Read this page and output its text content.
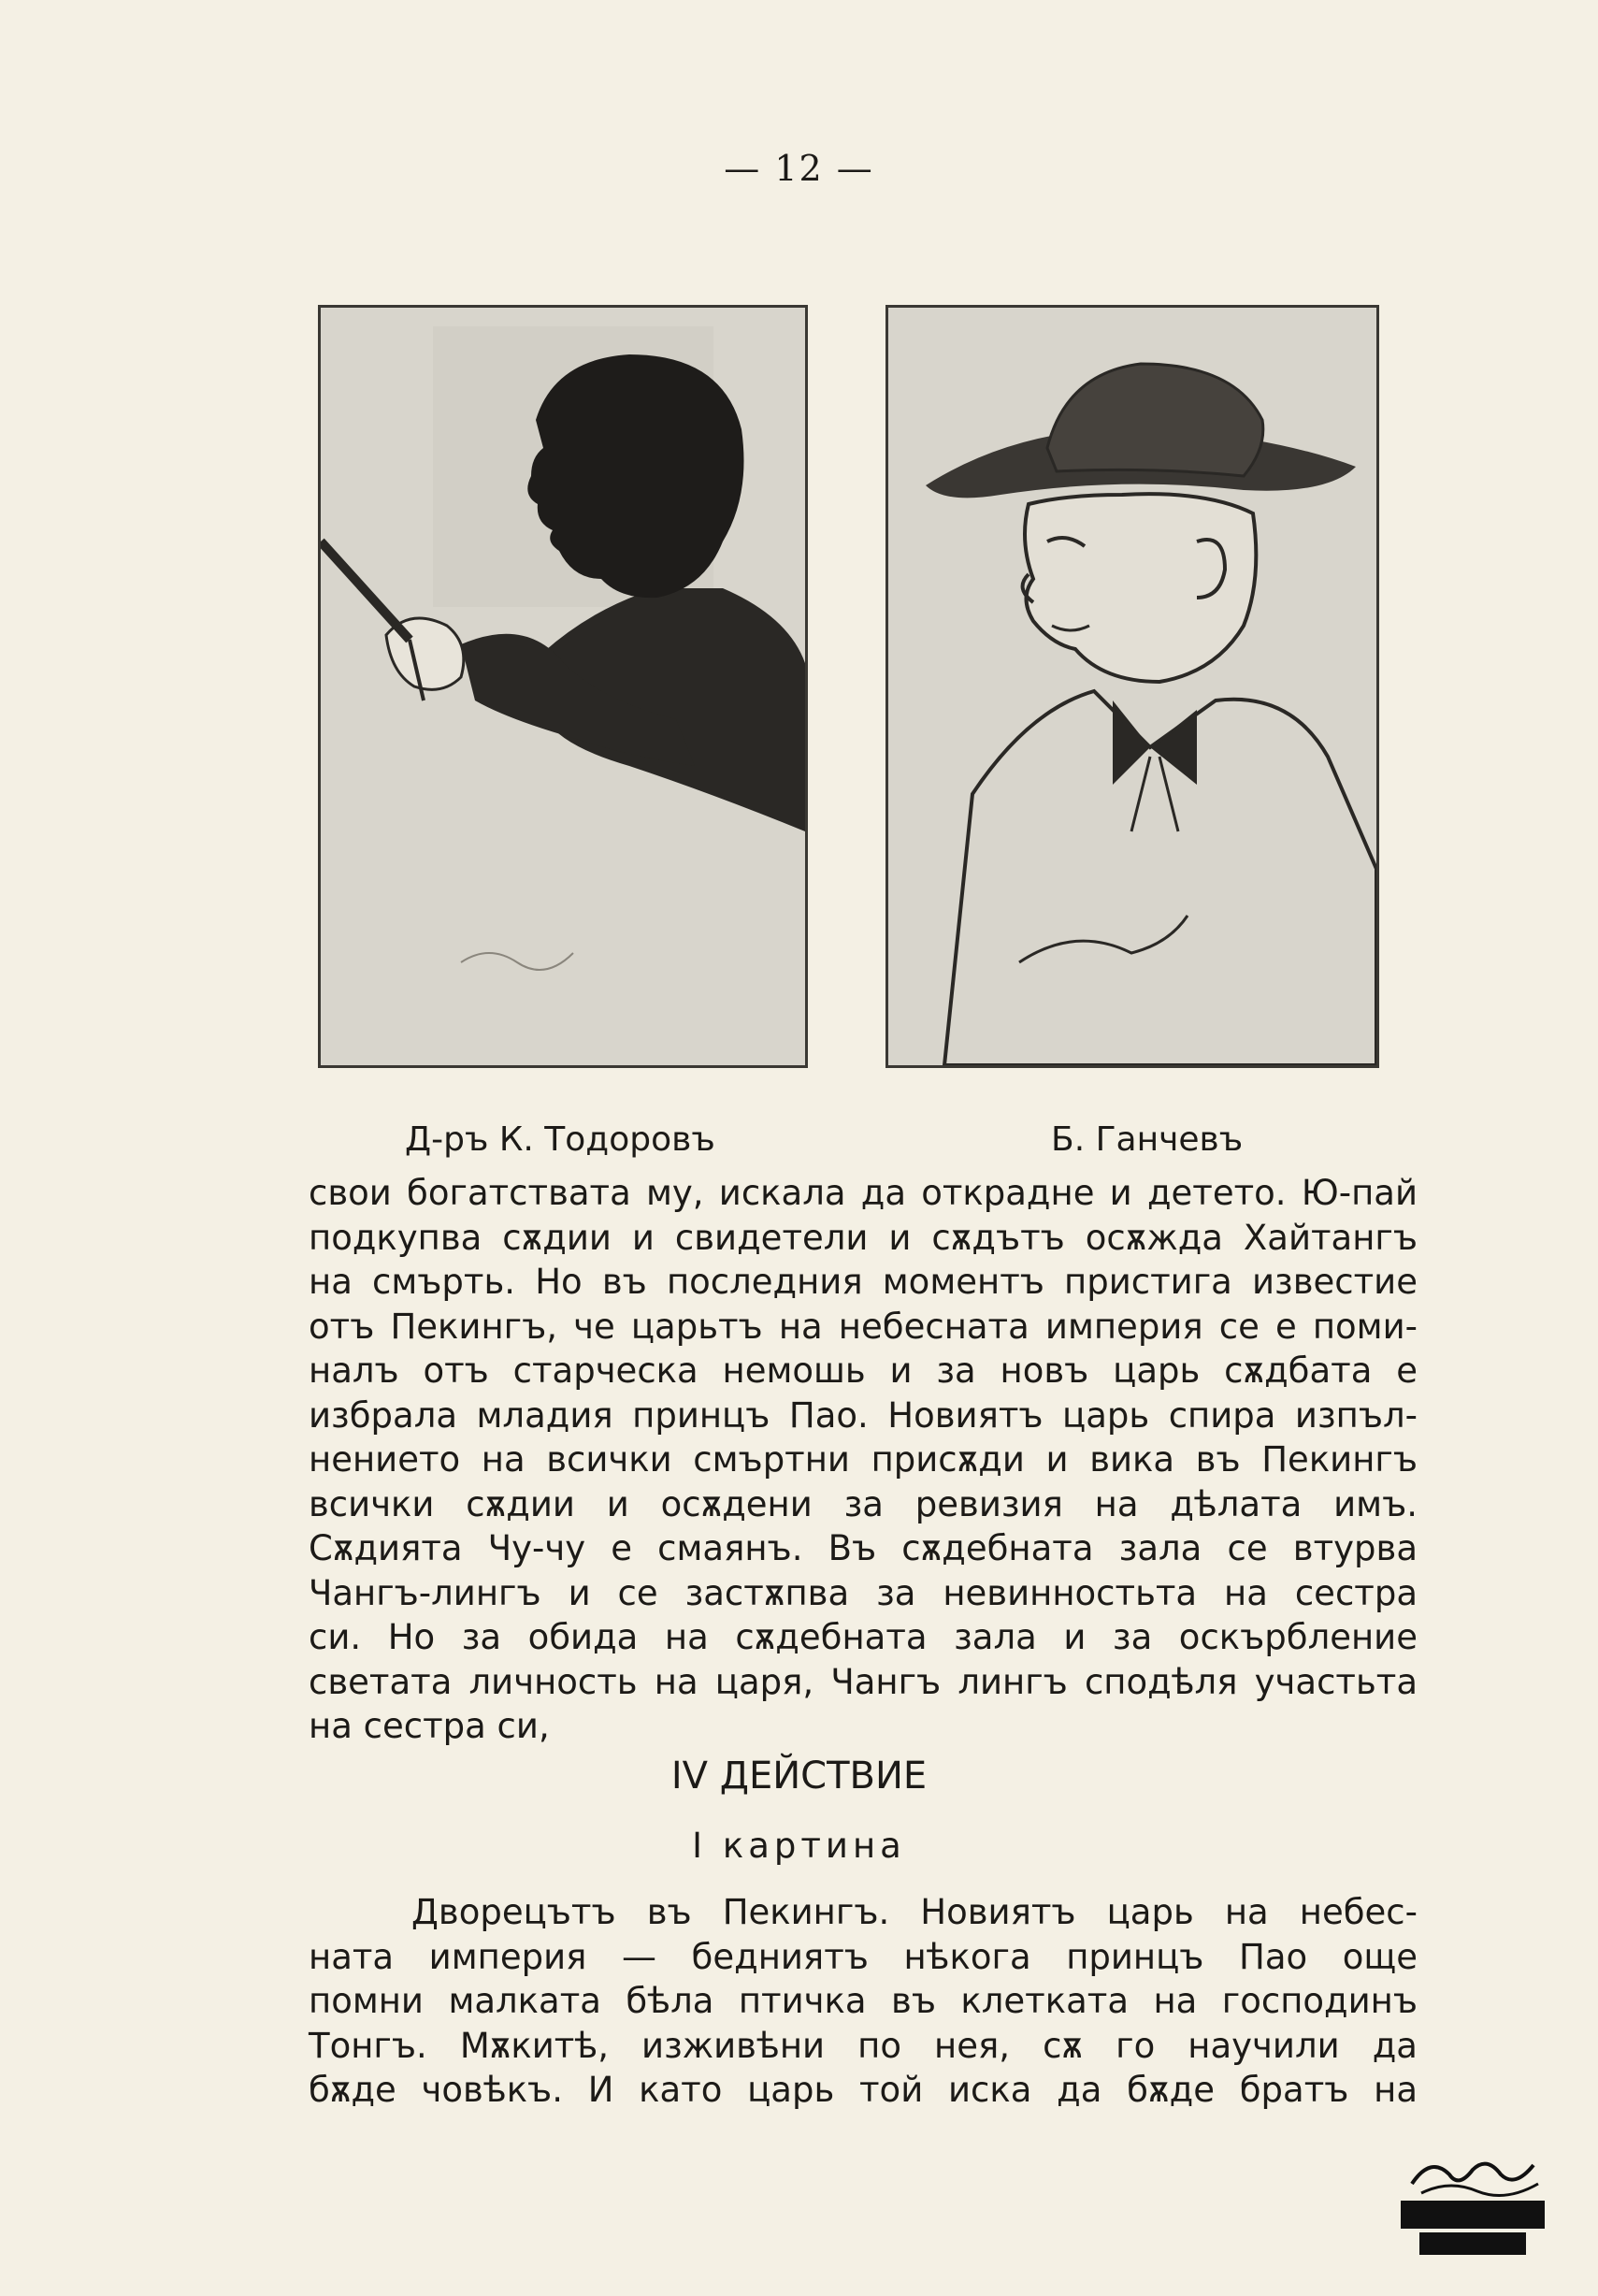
— 12 —
Д-ръ К. Тодоровъ	Б. Ганчевъ
свои богатствата му, искала да открадне и детето. Ю-пай
подкупва сѫдии и свидетели и сѫдътъ осѫжда Хайтангъ
на смърть. Но въ последния моментъ пристига известие
отъ Пекингъ, че царьтъ на небесната империя се е поми-
налъ отъ старческа немошь и за новъ царь сѫдбата е
избрала младия принцъ Пао. Новиятъ царь спира изпъл-
нението на всички смъртни присѫди и вика въ Пекингъ
всички сѫдии и осѫдени за ревизия на дѣлата имъ.
Сѫдията Чу-чу е смаянъ. Въ сѫдебната зала се втурва
Чангъ-лингъ и се застѫпва за невинностьта на сестра
си. Но за обида на сѫдебната зала и за оскърбление
светата личность на царя, Чангъ лингъ сподѣля участьта
на сестра си,
IV ДЕЙСТВИЕ
I картина
Дворецътъ въ Пекингъ. Новиятъ царь на небес-
ната империя — бедниятъ нѣкога принцъ Пао още
помни малката бѣла птичка въ клетката на господинъ
Тонгъ. Мѫкитѣ, изживѣни по нея, сѫ го научили да
бѫде човѣкъ. И като царь той иска да бѫде братъ на
